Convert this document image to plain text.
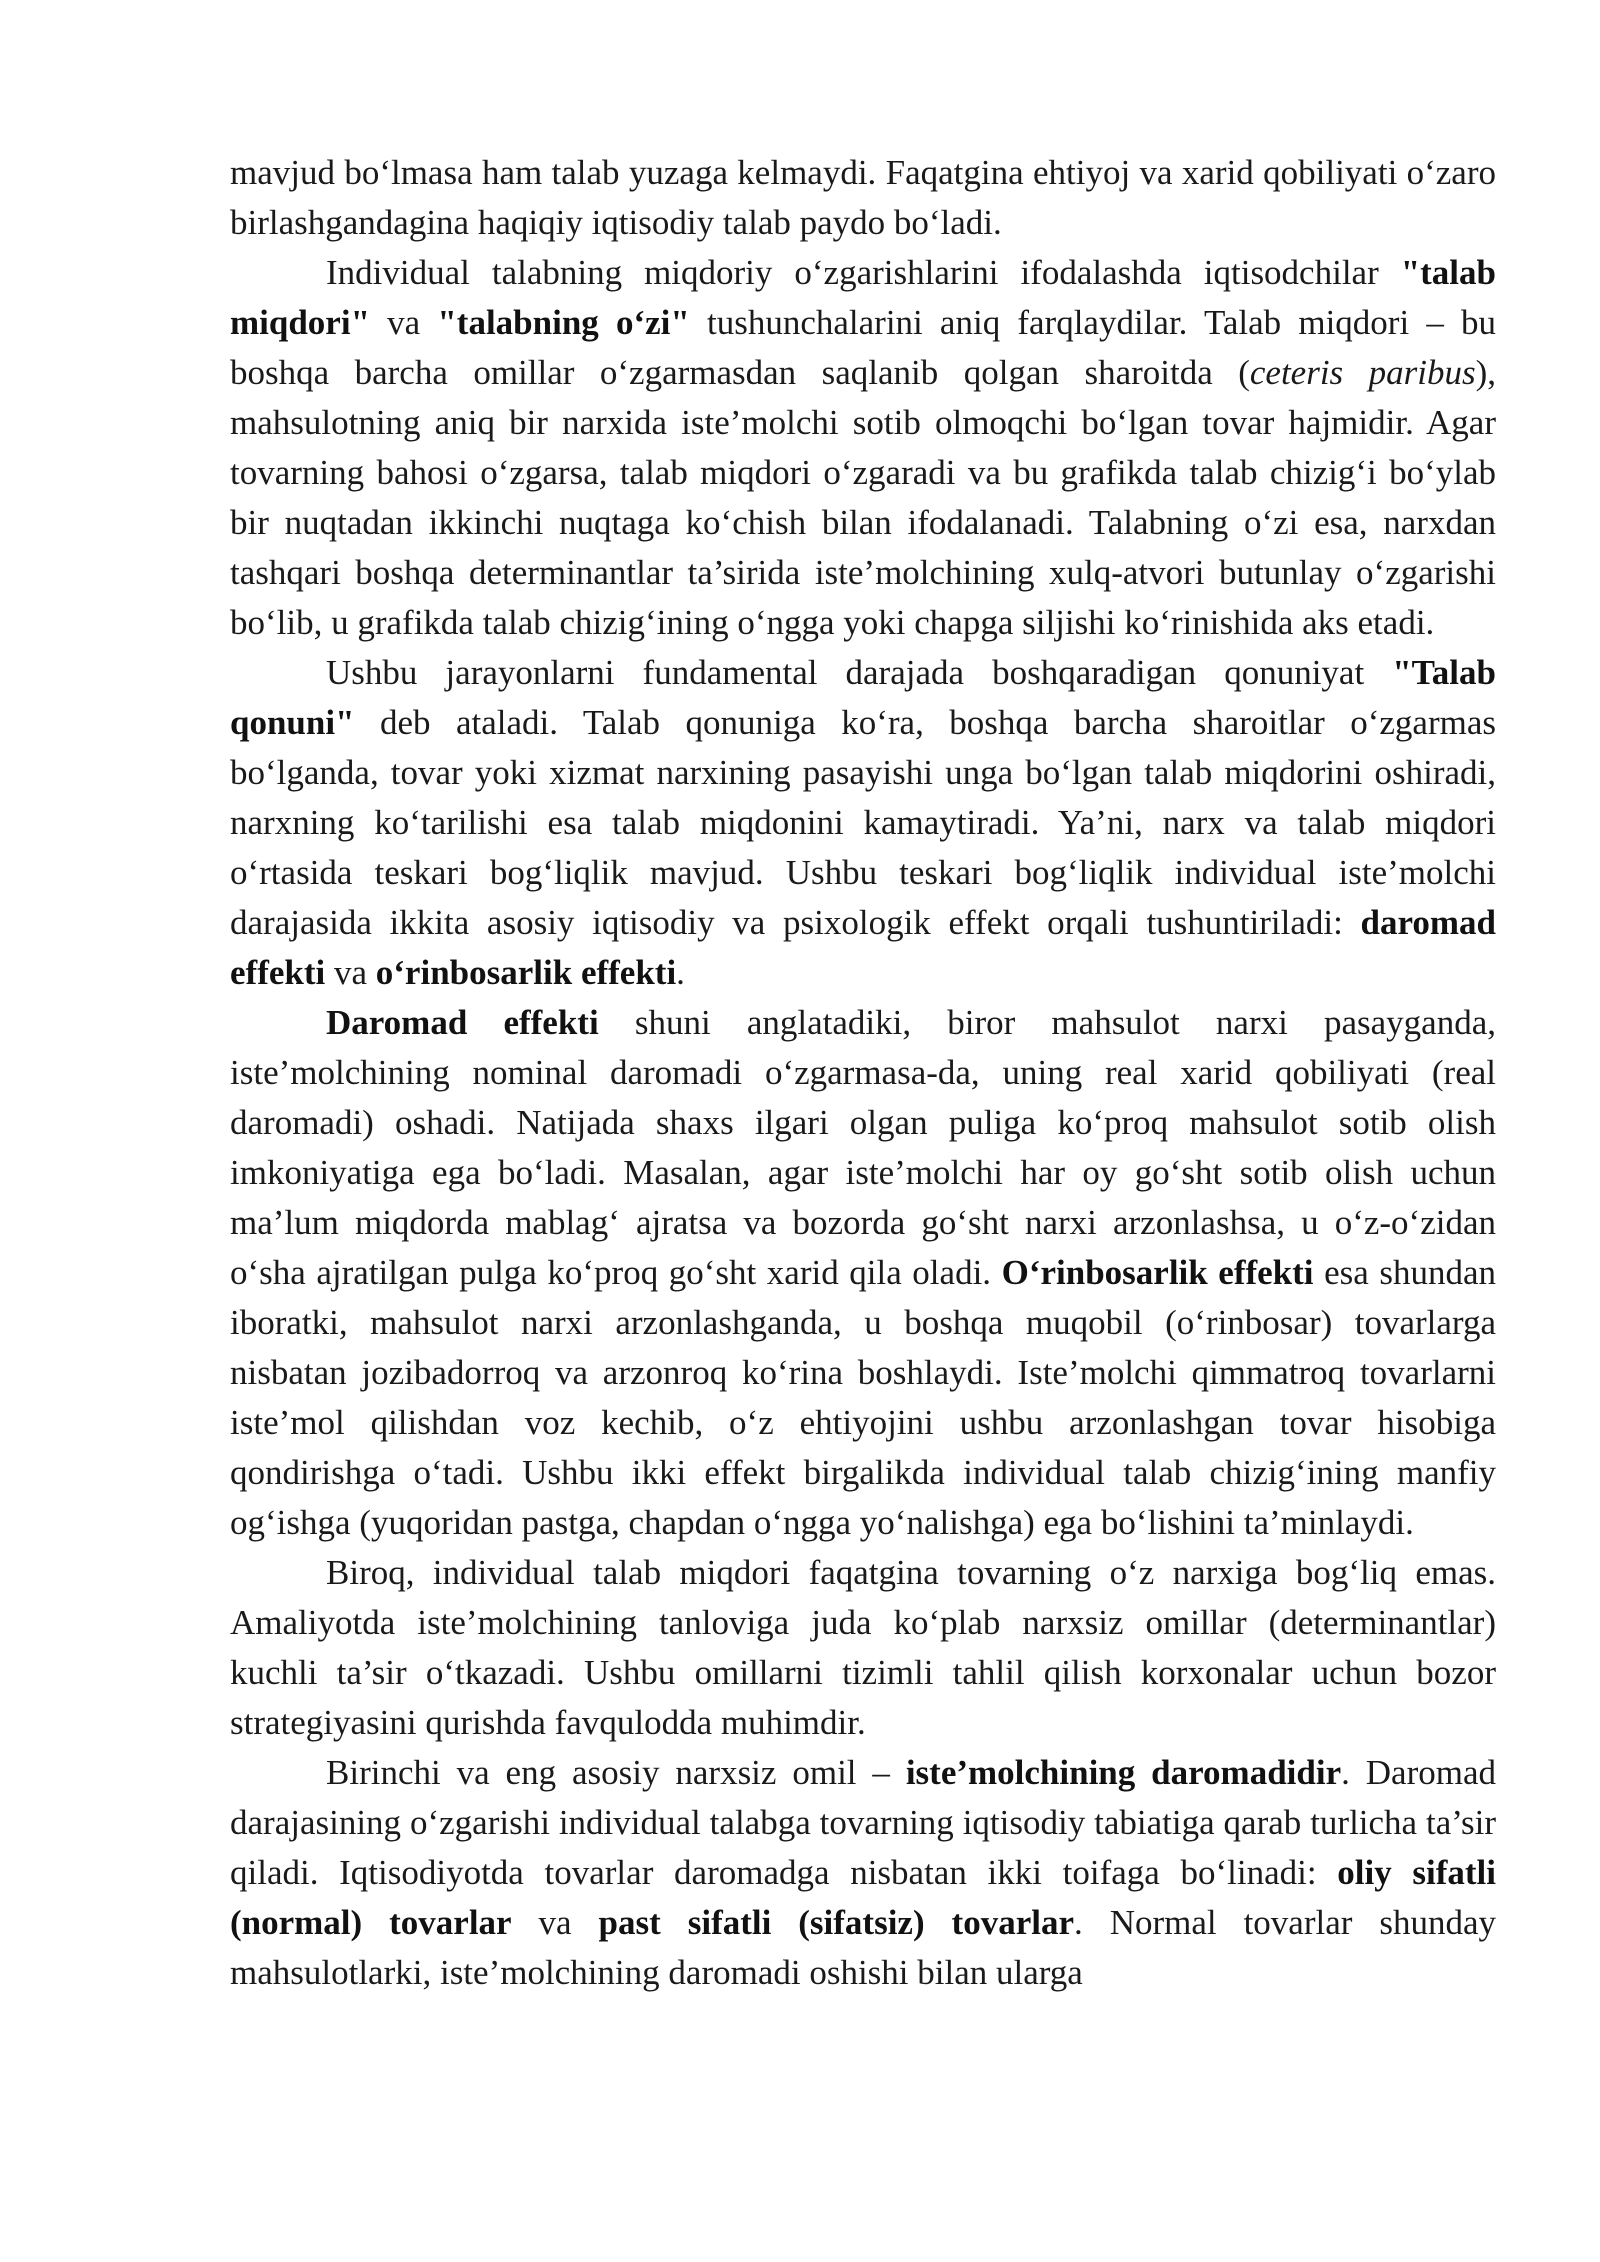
mavjud bo‘lmasa ham talab yuzaga kelmaydi. Faqatgina ehtiyoj va xarid qobiliyati o‘zaro birlashgandagina haqiqiy iqtisodiy talab paydo bo‘ladi.

Individual talabning miqdoriy o‘zgarishlarini ifodalashda iqtisodchilar "talab miqdori" va "talabning o‘zi" tushunchalarini aniq farqlaydilar. Talab miqdori – bu boshqa barcha omillar o‘zgarmasdan saqlanib qolgan sharoitda (ceteris paribus), mahsulotning aniq bir narxida iste’molchi sotib olmoqchi bo‘lgan tovar hajmidir. Agar tovarning bahosi o‘zgarsa, talab miqdori o‘zgaradi va bu grafikda talab chizig‘i bo‘ylab bir nuqtadan ikkinchi nuqtaga ko‘chish bilan ifodalanadi. Talabning o‘zi esa, narxdan tashqari boshqa determinantlar ta’sirida iste’molchining xulq-atvori butunlay o‘zgarishi bo‘lib, u grafikda talab chizig‘ining o‘ngga yoki chapga siljishi ko‘rinishida aks etadi.

Ushbu jarayonlarni fundamental darajada boshqaradigan qonuniyat "Talab qonuni" deb ataladi. Talab qonuniga ko‘ra, boshqa barcha sharoitlar o‘zgarmas bo‘lganda, tovar yoki xizmat narxining pasayishi unga bo‘lgan talab miqdorini oshiradi, narxning ko‘tarilishi esa talab miqdonini kamaytiradi. Ya’ni, narx va talab miqdori o‘rtasida teskari bog‘liqlik mavjud. Ushbu teskari bog‘liqlik individual iste’molchi darajasida ikkita asosiy iqtisodiy va psixologik effekt orqali tushuntiriladi: daromad effekti va o‘rinbosarlik effekti.

Daromad effekti shuni anglatadiki, biror mahsulot narxi pasayganda, iste’molchining nominal daromadi o‘zgarmasa-da, uning real xarid qobiliyati (real daromadi) oshadi. Natijada shaxs ilgari olgan puliga ko‘proq mahsulot sotib olish imkoniyatiga ega bo‘ladi. Masalan, agar iste’molchi har oy go‘sht sotib olish uchun ma’lum miqdorda mablag‘ ajratsa va bozorda go‘sht narxi arzonlashsa, u o‘z-o‘zidan o‘sha ajratilgan pulga ko‘proq go‘sht xarid qila oladi. O‘rinbosarlik effekti esa shundan iboratki, mahsulot narxi arzonlashganda, u boshqa muqobil (o‘rinbosar) tovarlarga nisbatan jozibadorroq va arzonroq ko‘rina boshlaydi. Iste’molchi qimmatroq tovarlarni iste’mol qilishdan voz kechib, o‘z ehtiyojini ushbu arzonlashgan tovar hisobiga qondirishga o‘tadi. Ushbu ikki effekt birgalikda individual talab chizig‘ining manfiy og‘ishga (yuqoridan pastga, chapdan o‘ngga yo‘nalishga) ega bo‘lishini ta’minlaydi.

Biroq, individual talab miqdori faqatgina tovarning o‘z narxiga bog‘liq emas. Amaliyotda iste’molchining tanloviga juda ko‘plab narxsiz omillar (determinantlar) kuchli ta’sir o‘tkazadi. Ushbu omillarni tizimli tahlil qilish korxonalar uchun bozor strategiyasini qurishda favqulodda muhimdir.

Birinchi va eng asosiy narxsiz omil – iste’molchining daromadidir. Daromad darajasining o‘zgarishi individual talabga tovarning iqtisodiy tabiatiga qarab turlicha ta’sir qiladi. Iqtisodiyotda tovarlar daromadga nisbatan ikki toifaga bo‘linadi: oliy sifatli (normal) tovarlar va past sifatli (sifatsiz) tovarlar. Normal tovarlar shunday mahsulotlarki, iste’molchining daromadi oshishi bilan ularga
